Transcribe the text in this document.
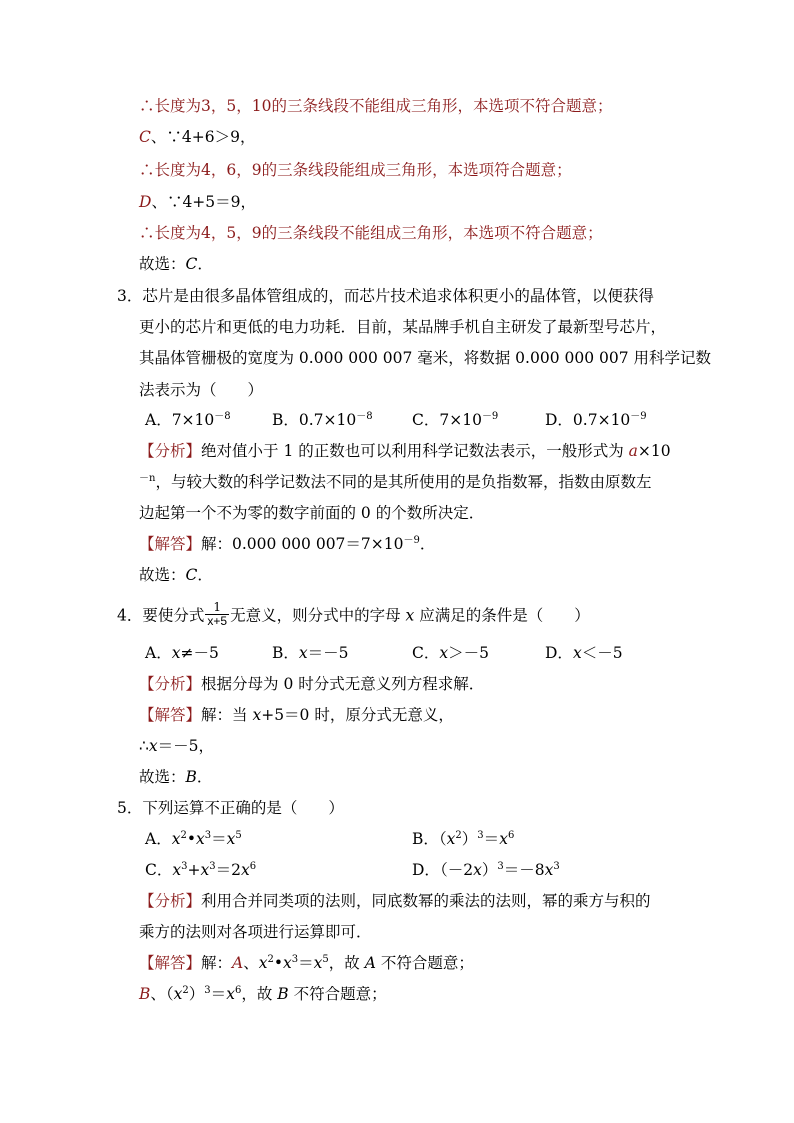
∴长度为3，5，10的三条线段不能组成三角形，本选项不符合题意；
C、∵4+6＞9，
∴长度为4，6，9的三条线段能组成三角形，本选项符合题意；
D、∵4+5＝9，
∴长度为4，5，9的三条线段不能组成三角形，本选项不符合题意；
故选：C．
3．芯片是由很多晶体管组成的，而芯片技术追求体积更小的晶体管，以便获得
更小的芯片和更低的电力功耗．目前，某品牌手机自主研发了最新型号芯片，
其晶体管栅极的宽度为 0.000 000 007 毫米，将数据 0.000 000 007 用科学记数
法表示为（　　）
A．$7\times 10^{-8}$	B．$0.7\times 10^{-8}$	C．$7\times 10^{-9}$	D．$0.7\times 10^{-9}$
【分析】绝对值小于 1 的正数也可以利用科学记数法表示，一般形式为 a×10
$^{-n}$，与较大数的科学记数法不同的是其所使用的是负指数幂，指数由原数左
边起第一个不为零的数字前面的 0 的个数所决定．
【解答】解：0.000 000 $007=7\times 10^{-9}$．
故选：C．
4．要使分式 $\frac{1}{x+5}$ 无意义，则分式中的字母 x 应满足的条件是（　　）
A．x≠－5	B．x＝－5	C．x＞－5	D．x＜－5
【分析】根据分母为 0 时分式无意义列方程求解．
【解答】解：当 x+5＝0 时，原分式无意义，
∴x＝－5，
故选：B．
5．下列运算不正确的是（　　）
A．$x^2•x^3=x^5$	B．$(x^2)^3=x^6$
C．$x^3+x^3=2x^6$	D．$(-2x)^3=-8x^3$
【分析】利用合并同类项的法则，同底数幂的乘法的法则，幂的乘方与积的
乘方的法则对各项进行运算即可．
【解答】解：A、$x^2•x^3=x^5$，故 A 不符合题意；
B、$(x^2)^3=x^6$，故 B 不符合题意；
